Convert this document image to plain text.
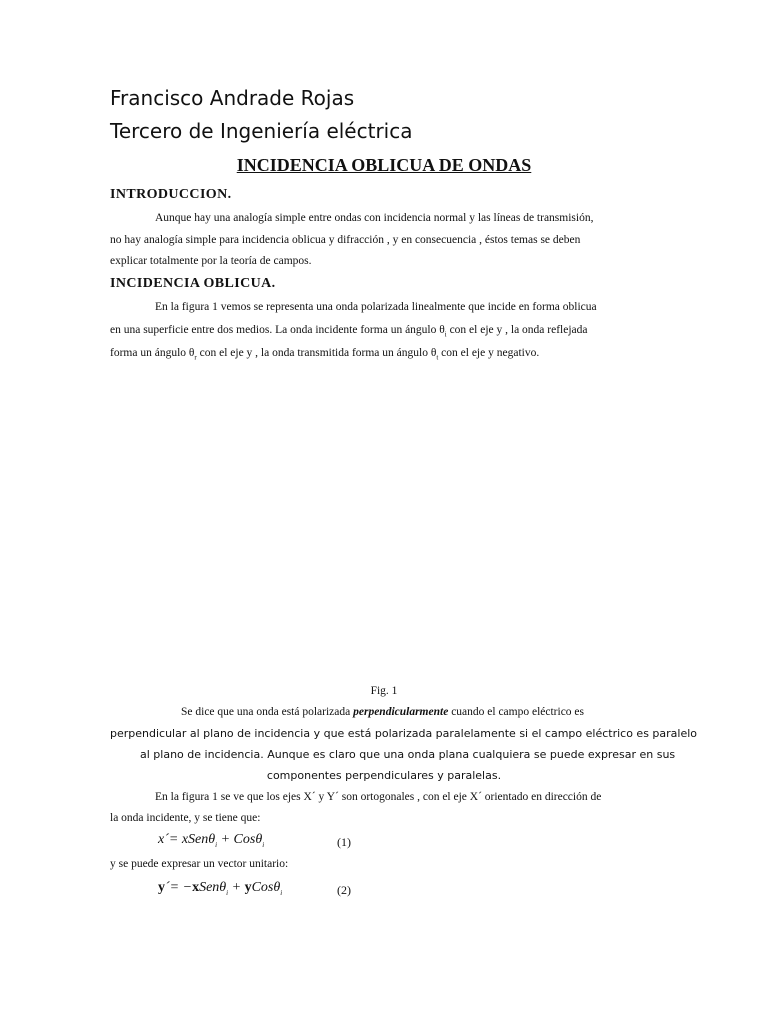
Francisco Andrade Rojas
Tercero de Ingeniería eléctrica
INCIDENCIA OBLICUA DE ONDAS
INTRODUCCION.
Aunque hay una analogía simple entre ondas con incidencia normal y las líneas de transmisión,
no hay analogía simple para incidencia oblicua y difracción , y en consecuencia , éstos temas se deben
explicar totalmente por la teoría de campos.
INCIDENCIA OBLICUA.
En la figura 1 vemos se representa una onda polarizada linealmente que incide en forma oblicua
en una superficie entre dos medios. La onda incidente forma un ángulo $\theta_i$ con el eje y , la onda reflejada
forma un ángulo $\theta_r$ con el eje y , la onda transmitida forma un ángulo $\theta_t$ con el eje y negativo.
Fig. 1
Se dice que una onda está polarizada perpendicularmente cuando el campo eléctrico es
perpendicular al plano de incidencia y que está polarizada paralelamente si el campo eléctrico es paralelo
al plano de incidencia. Aunque es claro que una onda plana cualquiera se puede expresar en sus
componentes perpendiculares y paralelas.
En la figura 1 se ve que los ejes X´ y Y´ son ortogonales , con el eje X´ orientado en dirección de
la onda incidente, y se tiene que:
x´= xSenθ$_i$ + Cosθ$_i$	(1)
y se puede expresar un vector unitario:
y´= −xSenθ$_i$ + yCosθ$_i$	(2)
